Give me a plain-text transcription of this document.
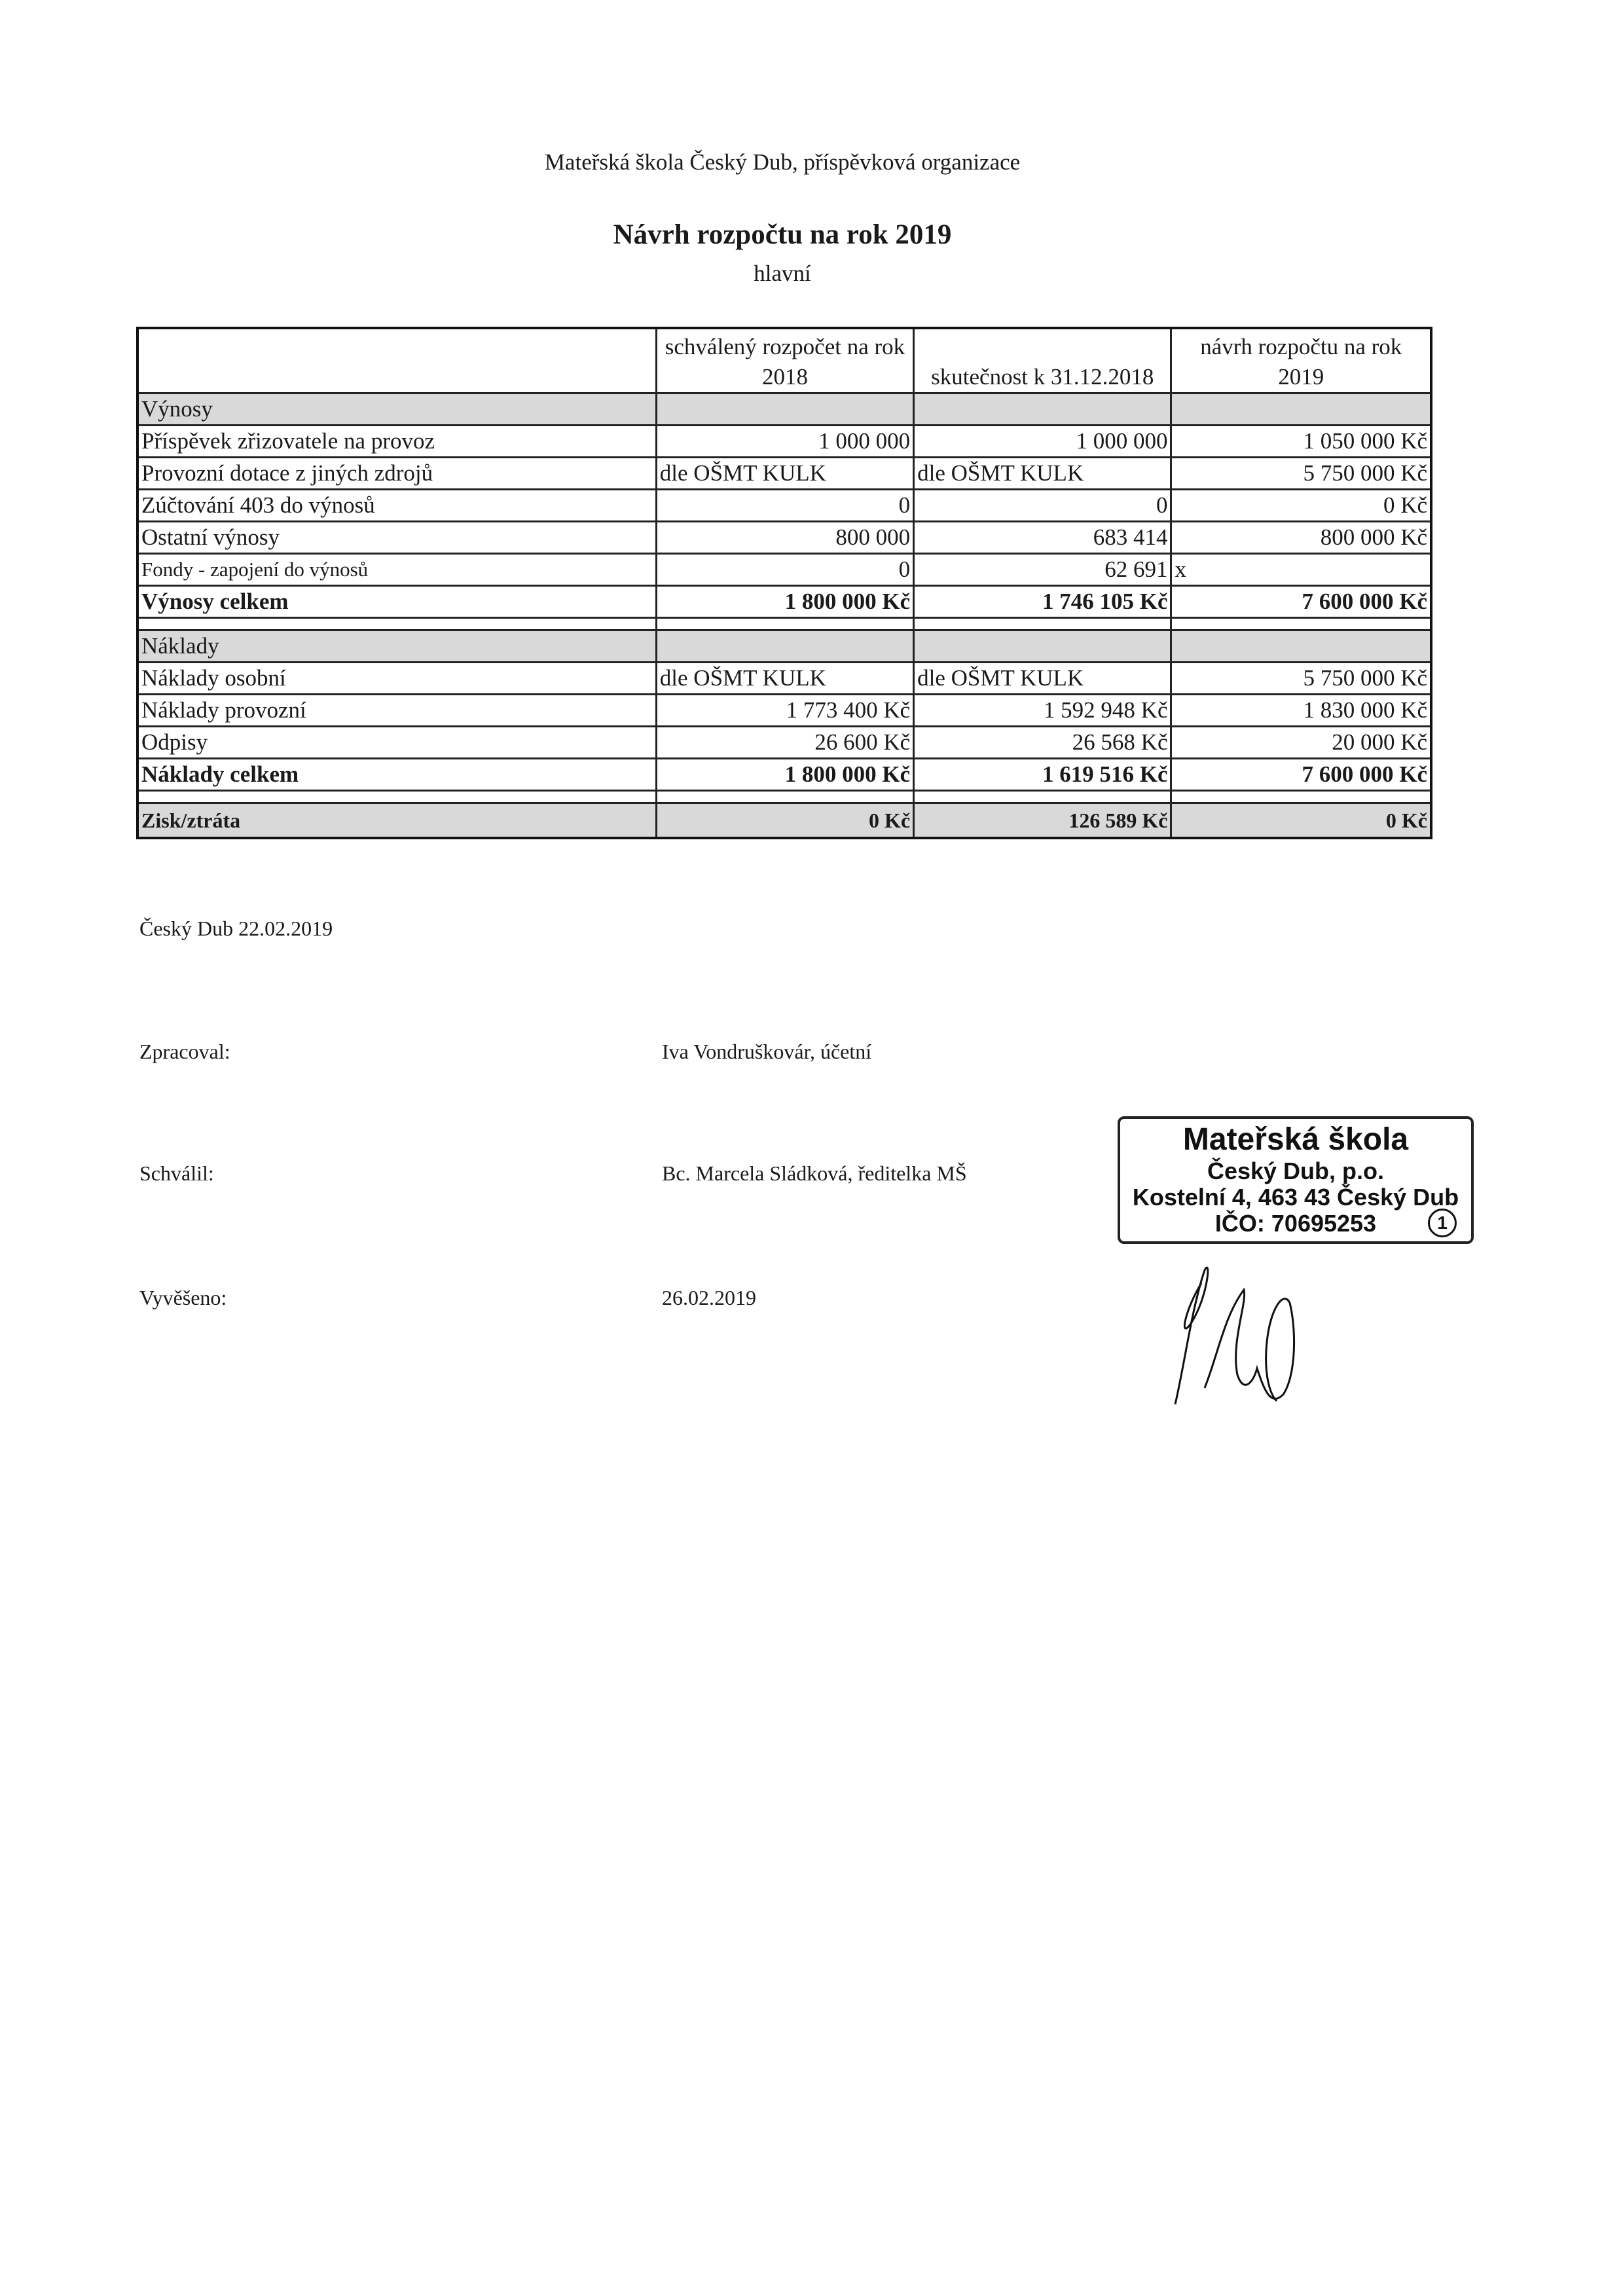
Mateřská škola Český Dub, příspěvková organizace
Návrh rozpočtu na rok 2019
hlavní
	schválený rozpočet na rok 2018	skutečnost k 31.12.2018	návrh rozpočtu na rok 2019
Výnosy			
Příspěvek zřizovatele na provoz	1 000 000	1 000 000	1 050 000 Kč
Provozní dotace z jiných zdrojů	dle OŠMT KULK	dle OŠMT KULK	5 750 000 Kč
Zúčtování 403 do výnosů	0	0	0 Kč
Ostatní výnosy	800 000	683 414	800 000 Kč
Fondy - zapojení do výnosů	0	62 691	x
Výnosy celkem	1 800 000 Kč	1 746 105 Kč	7 600 000 Kč

Náklady			
Náklady osobní	dle OŠMT KULK	dle OŠMT KULK	5 750 000 Kč
Náklady provozní	1 773 400 Kč	1 592 948 Kč	1 830 000 Kč
Odpisy	26 600 Kč	26 568 Kč	20 000 Kč
Náklady celkem	1 800 000 Kč	1 619 516 Kč	7 600 000 Kč

Zisk/ztráta	0 Kč	126 589 Kč	0 Kč
Český Dub 22.02.2019
Zpracoval:	Iva Vondruškovár, účetní
Schválil:	Bc. Marcela Sládková, ředitelka MŠ
Vyvěšeno:	26.02.2019
Mateřská škola
Český Dub, p.o.
Kostelní 4, 463 43 Český Dub
IČO: 70695253	1
